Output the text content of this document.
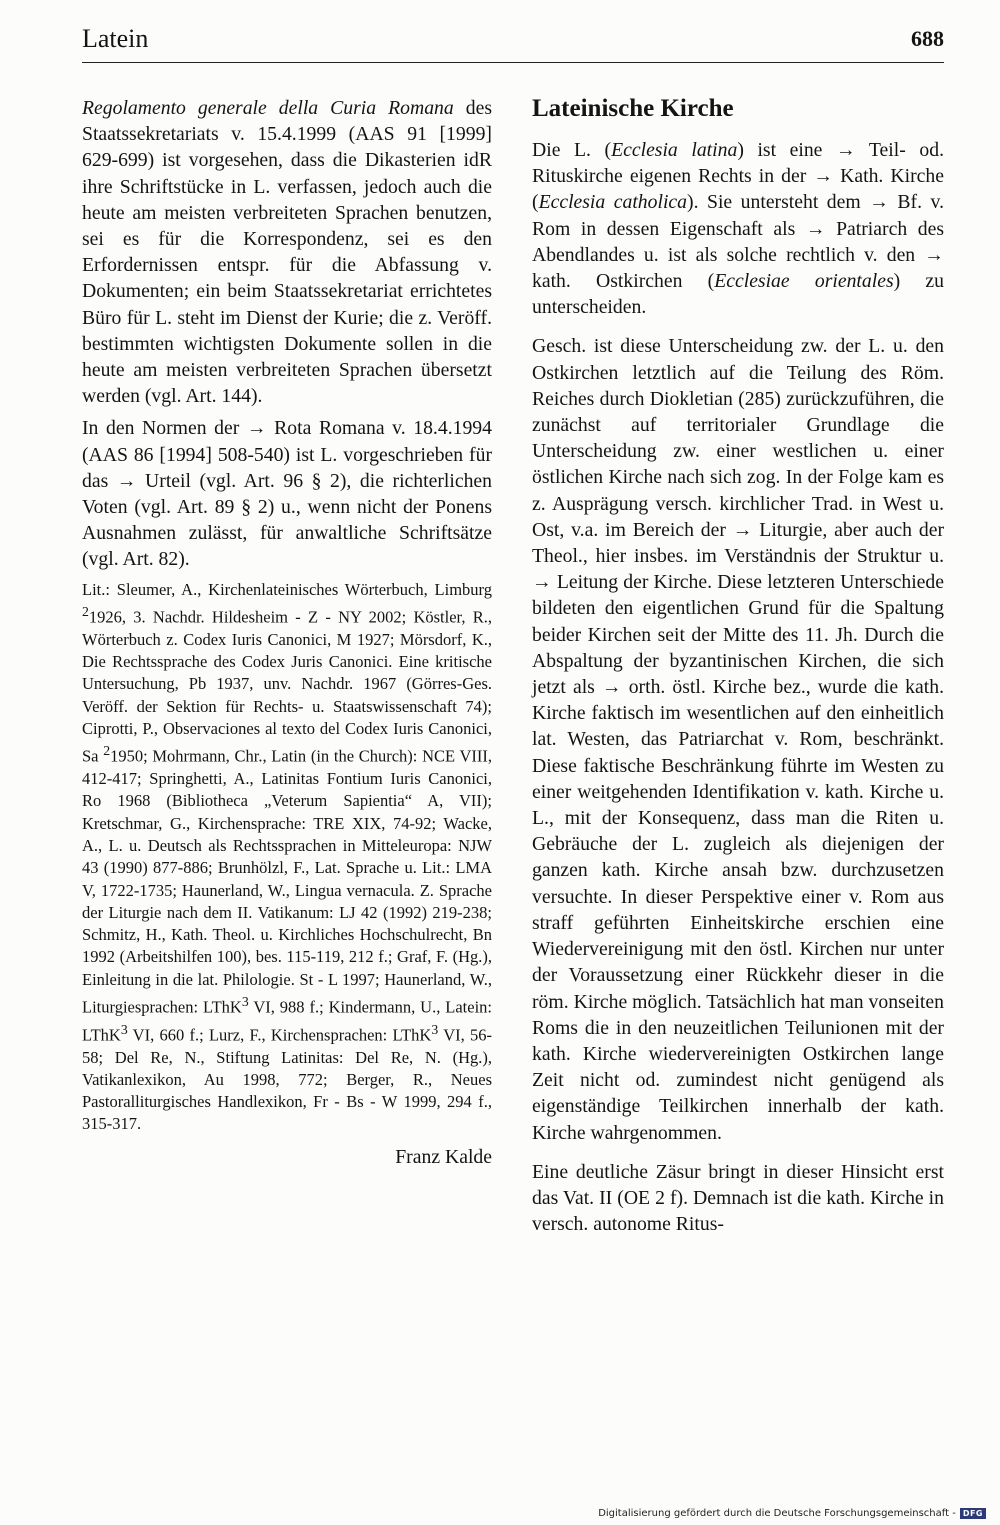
Latein	688

Regolamento generale della Curia Romana des Staatssekretariats v. 15.4.1999 (AAS 91 [1999] 629-699) ist vorgesehen, dass die Dikasterien idR ihre Schriftstücke in L. verfassen, jedoch auch die heute am meisten verbreiteten Sprachen benutzen, sei es für die Korrespondenz, sei es den Erfordernissen entspr. für die Abfassung v. Dokumenten; ein beim Staatssekretariat errichtetes Büro für L. steht im Dienst der Kurie; die z. Veröff. bestimmten wichtigsten Dokumente sollen in die heute am meisten verbreiteten Sprachen übersetzt werden (vgl. Art. 144).

In den Normen der → Rota Romana v. 18.4.1994 (AAS 86 [1994] 508-540) ist L. vorgeschrieben für das → Urteil (vgl. Art. 96 § 2), die richterlichen Voten (vgl. Art. 89 § 2) u., wenn nicht der Ponens Ausnahmen zulässt, für anwaltliche Schriftsätze (vgl. Art. 82).

Lit.: Sleumer, A., Kirchenlateinisches Wörterbuch, Limburg $^2$1926, 3. Nachdr. Hildesheim - Z - NY 2002; Köstler, R., Wörterbuch z. Codex Iuris Canonici, M 1927; Mörsdorf, K., Die Rechtssprache des Codex Juris Canonici. Eine kritische Untersuchung, Pb 1937, unv. Nachdr. 1967 (Görres-Ges. Veröff. der Sektion für Rechts- u. Staatswissenschaft 74); Ciprotti, P., Observaciones al texto del Codex Iuris Canonici, Sa $^2$1950; Mohrmann, Chr., Latin (in the Church): NCE VIII, 412-417; Springhetti, A., Latinitas Fontium Iuris Canonici, Ro 1968 (Bibliotheca „Veterum Sapientia“ A, VII); Kretschmar, G., Kirchensprache: TRE XIX, 74-92; Wacke, A., L. u. Deutsch als Rechtssprachen in Mitteleuropa: NJW 43 (1990) 877-886; Brunhölzl, F., Lat. Sprache u. Lit.: LMA V, 1722-1735; Haunerland, W., Lingua vernacula. Z. Sprache der Liturgie nach dem II. Vatikanum: LJ 42 (1992) 219-238; Schmitz, H., Kath. Theol. u. Kirchliches Hochschulrecht, Bn 1992 (Arbeitshilfen 100), bes. 115-119, 212 f.; Graf, F. (Hg.), Einleitung in die lat. Philologie. St - L 1997; Haunerland, W., Liturgiesprachen: LThK$^3$ VI, 988 f.; Kindermann, U., Latein: LThK$^3$ VI, 660 f.; Lurz, F., Kirchensprachen: LThK$^3$ VI, 56-58; Del Re, N., Stiftung Latinitas: Del Re, N. (Hg.), Vatikanlexikon, Au 1998, 772; Berger, R., Neues Pastoralliturgisches Handlexikon, Fr - Bs - W 1999, 294 f., 315-317.

Franz Kalde
Lateinische Kirche

Die L. (Ecclesia latina) ist eine → Teil- od. Rituskirche eigenen Rechts in der → Kath. Kirche (Ecclesia catholica). Sie untersteht dem → Bf. v. Rom in dessen Eigenschaft als → Patriarch des Abendlandes u. ist als solche rechtlich v. den → kath. Ostkirchen (Ecclesiae orientales) zu unterscheiden.

Gesch. ist diese Unterscheidung zw. der L. u. den Ostkirchen letztlich auf die Teilung des Röm. Reiches durch Diokletian (285) zurückzuführen, die zunächst auf territorialer Grundlage die Unterscheidung zw. einer westlichen u. einer östlichen Kirche nach sich zog. In der Folge kam es z. Ausprägung versch. kirchlicher Trad. in West u. Ost, v.a. im Bereich der → Liturgie, aber auch der Theol., hier insbes. im Verständnis der Struktur u. → Leitung der Kirche. Diese letzteren Unterschiede bildeten den eigentlichen Grund für die Spaltung beider Kirchen seit der Mitte des 11. Jh. Durch die Abspaltung der byzantinischen Kirchen, die sich jetzt als → orth. östl. Kirche bez., wurde die kath. Kirche faktisch im wesentlichen auf den einheitlich lat. Westen, das Patriarchat v. Rom, beschränkt. Diese faktische Beschränkung führte im Westen zu einer weitgehenden Identifikation v. kath. Kirche u. L., mit der Konsequenz, dass man die Riten u. Gebräuche der L. zugleich als diejenigen der ganzen kath. Kirche ansah bzw. durchzusetzen versuchte. In dieser Perspektive einer v. Rom aus straff geführten Einheitskirche erschien eine Wiedervereinigung mit den östl. Kirchen nur unter der Voraussetzung einer Rückkehr dieser in die röm. Kirche möglich. Tatsächlich hat man vonseiten Roms die in den neuzeitlichen Teilunionen mit der kath. Kirche wiedervereinigten Ostkirchen lange Zeit nicht od. zumindest nicht genügend als eigenständige Teilkirchen innerhalb der kath. Kirche wahrgenommen.

Eine deutliche Zäsur bringt in dieser Hinsicht erst das Vat. II (OE 2 f). Demnach ist die kath. Kirche in versch. autonome Ritus-

Digitalisierung gefördert durch die Deutsche Forschungsgemeinschaft - DFG
